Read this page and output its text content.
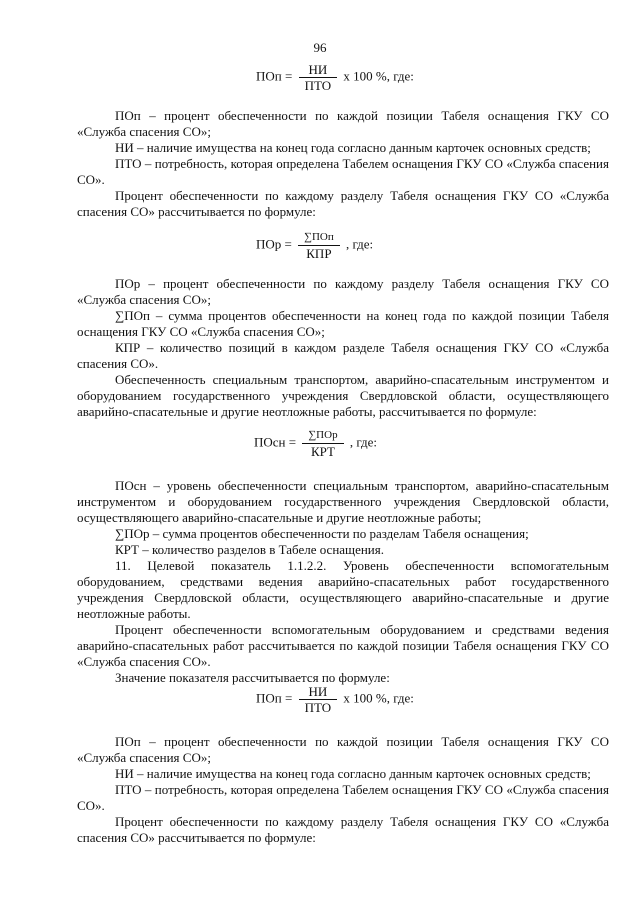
96
ПОп = $\frac{НИ}{\text{ПТО}}$ х 100 %, где:
ПОп – процент обеспеченности по каждой позиции Табеля оснащения ГКУ СО «Служба спасения СО»;
НИ – наличие имущества на конец года согласно данным карточек основных средств;
ПТО – потребность, которая определена Табелем оснащения ГКУ СО «Служба спасения СО».
Процент обеспеченности по каждому разделу Табеля оснащения ГКУ СО «Служба спасения СО» рассчитывается по формуле:
ПОр = $\frac{\text{∑ПОп}}{\text{КПР}}$ , где:
ПОр – процент обеспеченности по каждому разделу Табеля оснащения ГКУ СО «Служба спасения СО»;
∑ПОп – сумма процентов обеспеченности на конец года по каждой позиции Табеля оснащения ГКУ СО «Служба спасения СО»;
КПР – количество позиций в каждом разделе Табеля оснащения ГКУ СО «Служба спасения СО».
Обеспеченность специальным транспортом, аварийно-спасательным инструментом и оборудованием государственного учреждения Свердловской области, осуществляющего аварийно-спасательные и другие неотложные работы, рассчитывается по формуле:
ПОсн = $\frac{\text{∑ПОр}}{\text{КРТ}}$ , где:
ПОсн – уровень обеспеченности специальным транспортом, аварийно-спасательным инструментом и оборудованием государственного учреждения Свердловской области, осуществляющего аварийно-спасательные и другие неотложные работы;
∑ПОр – сумма процентов обеспеченности по разделам Табеля оснащения;
КРТ – количество разделов в Табеле оснащения.
11. Целевой показатель 1.1.2.2. Уровень обеспеченности вспомогательным оборудованием, средствами ведения аварийно-спасательных работ государственного учреждения Свердловской области, осуществляющего аварийно-спасательные и другие неотложные работы.
Процент обеспеченности вспомогательным оборудованием и средствами ведения аварийно-спасательных работ рассчитывается по каждой позиции Табеля оснащения ГКУ СО «Служба спасения СО».
Значение показателя рассчитывается по формуле:
ПОп = $\frac{НИ}{\text{ПТО}}$ х 100 %, где:
ПОп – процент обеспеченности по каждой позиции Табеля оснащения ГКУ СО «Служба спасения СО»;
НИ – наличие имущества на конец года согласно данным карточек основных средств;
ПТО – потребность, которая определена Табелем оснащения ГКУ СО «Служба спасения СО».
Процент обеспеченности по каждому разделу Табеля оснащения ГКУ СО «Служба спасения СО» рассчитывается по формуле:
